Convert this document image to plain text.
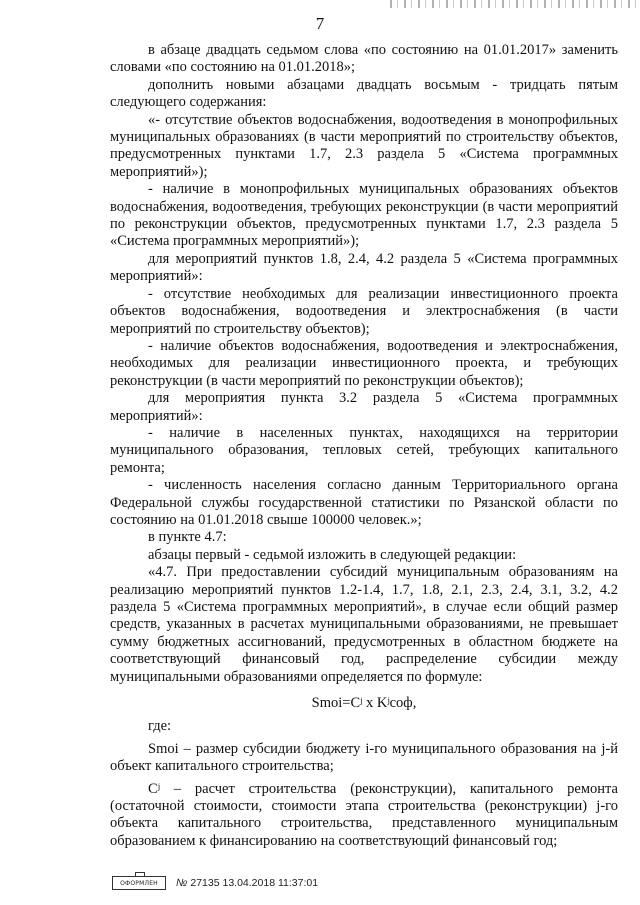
7

в абзаце двадцать седьмом слова «по состоянию на 01.01.2017» заменить словами «по состоянию на 01.01.2018»;

дополнить новыми абзацами двадцать восьмым - тридцать пятым следующего содержания:

«- отсутствие объектов водоснабжения, водоотведения в монопрофильных муниципальных образованиях (в части мероприятий по строительству объектов, предусмотренных пунктами 1.7, 2.3 раздела 5 «Система программных мероприятий»);

- наличие в монопрофильных муниципальных образованиях объектов водоснабжения, водоотведения, требующих реконструкции (в части мероприятий по реконструкции объектов, предусмотренных пунктами 1.7, 2.3 раздела 5 «Система программных мероприятий»);

для мероприятий пунктов 1.8, 2.4, 4.2 раздела 5 «Система программных мероприятий»:

- отсутствие необходимых для реализации инвестиционного проекта объектов водоснабжения, водоотведения и электроснабжения (в части мероприятий по строительству объектов);

- наличие объектов водоснабжения, водоотведения и электроснабжения, необходимых для реализации инвестиционного проекта, и требующих реконструкции (в части мероприятий по реконструкции объектов);

для мероприятия пункта 3.2 раздела 5 «Система программных мероприятий»:

- наличие в населенных пунктах, находящихся на территории муниципального образования, тепловых сетей, требующих капитального ремонта;

- численность населения согласно данным Территориального органа Федеральной службы государственной статистики по Рязанской области по состоянию на 01.01.2018 свыше 100000 человек.»;

в пункте 4.7:

абзацы первый - седьмой изложить в следующей редакции:

«4.7. При предоставлении субсидий муниципальным образованиям на реализацию мероприятий пунктов 1.2-1.4, 1.7, 1.8, 2.1, 2.3, 2.4, 3.1, 3.2, 4.2 раздела 5 «Система программных мероприятий», в случае если общий размер средств, указанных в расчетах муниципальными образованиями, не превышает сумму бюджетных ассигнований, предусмотренных в областном бюджете на соответствующий финансовый год, распределение субсидии между муниципальными образованиями определяется по формуле:

Smoi=Cʲ x Kʲсоф,

где:

Smoi – размер субсидии бюджету i-го муниципального образования на j-й объект капитального строительства;

Cʲ – расчет строительства (реконструкции), капитального ремонта (остаточной стоимости, стоимости этапа строительства (реконструкции) j-го объекта капитального строительства, представленного муниципальным образованием к финансированию на соответствующий финансовый год;

ОФОРМЛЕН № 27135 13.04.2018 11:37:01
